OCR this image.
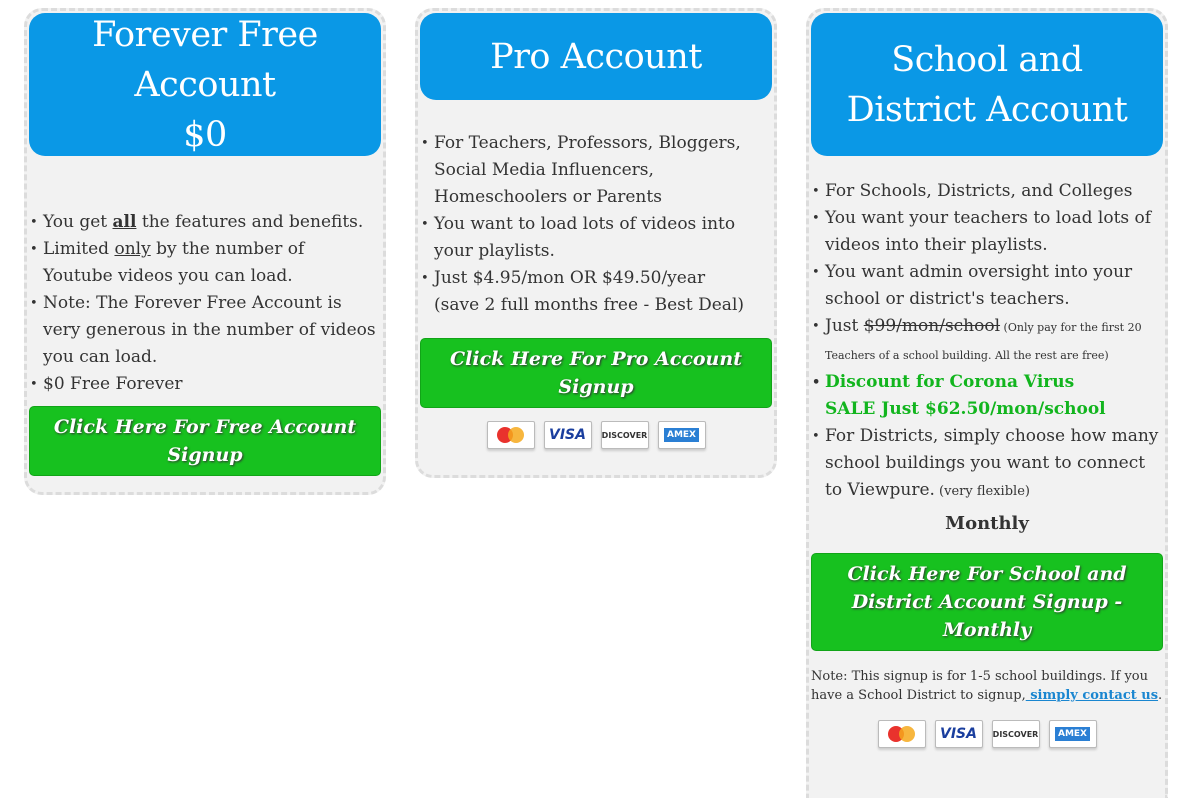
Forever Free Account
$0
• You get all the features and benefits.
• Limited only by the number of Youtube videos you can load.
• Note: The Forever Free Account is very generous in the number of videos you can load.
• $0 Free Forever
Click Here For Free Account Signup
Pro Account
• For Teachers, Professors, Bloggers, Social Media Influencers, Homeschoolers or Parents
• You want to load lots of videos into your playlists.
• Just $4.95/mon OR $49.50/year
(save 2 full months free - Best Deal)
Click Here For Pro Account Signup
VISA DISCOVER	AMEX
School and District Account
• For Schools, Districts, and Colleges
• You want your teachers to load lots of videos into their playlists.
• You want admin oversight into your school or district's teachers.
• Just $99/mon/school (Only pay for the first 20 Teachers of a school building. All the rest are free)
• Discount for Corona Virus
SALE Just $62.50/mon/school
• For Districts, simply choose how many school buildings you want to connect to Viewpure. (very flexible)
Monthly
Click Here For School and District Account Signup - Monthly
Note: This signup is for 1-5 school buildings. If you have a School District to signup, simply contact us.
VISA DISCOVER	AMEX
